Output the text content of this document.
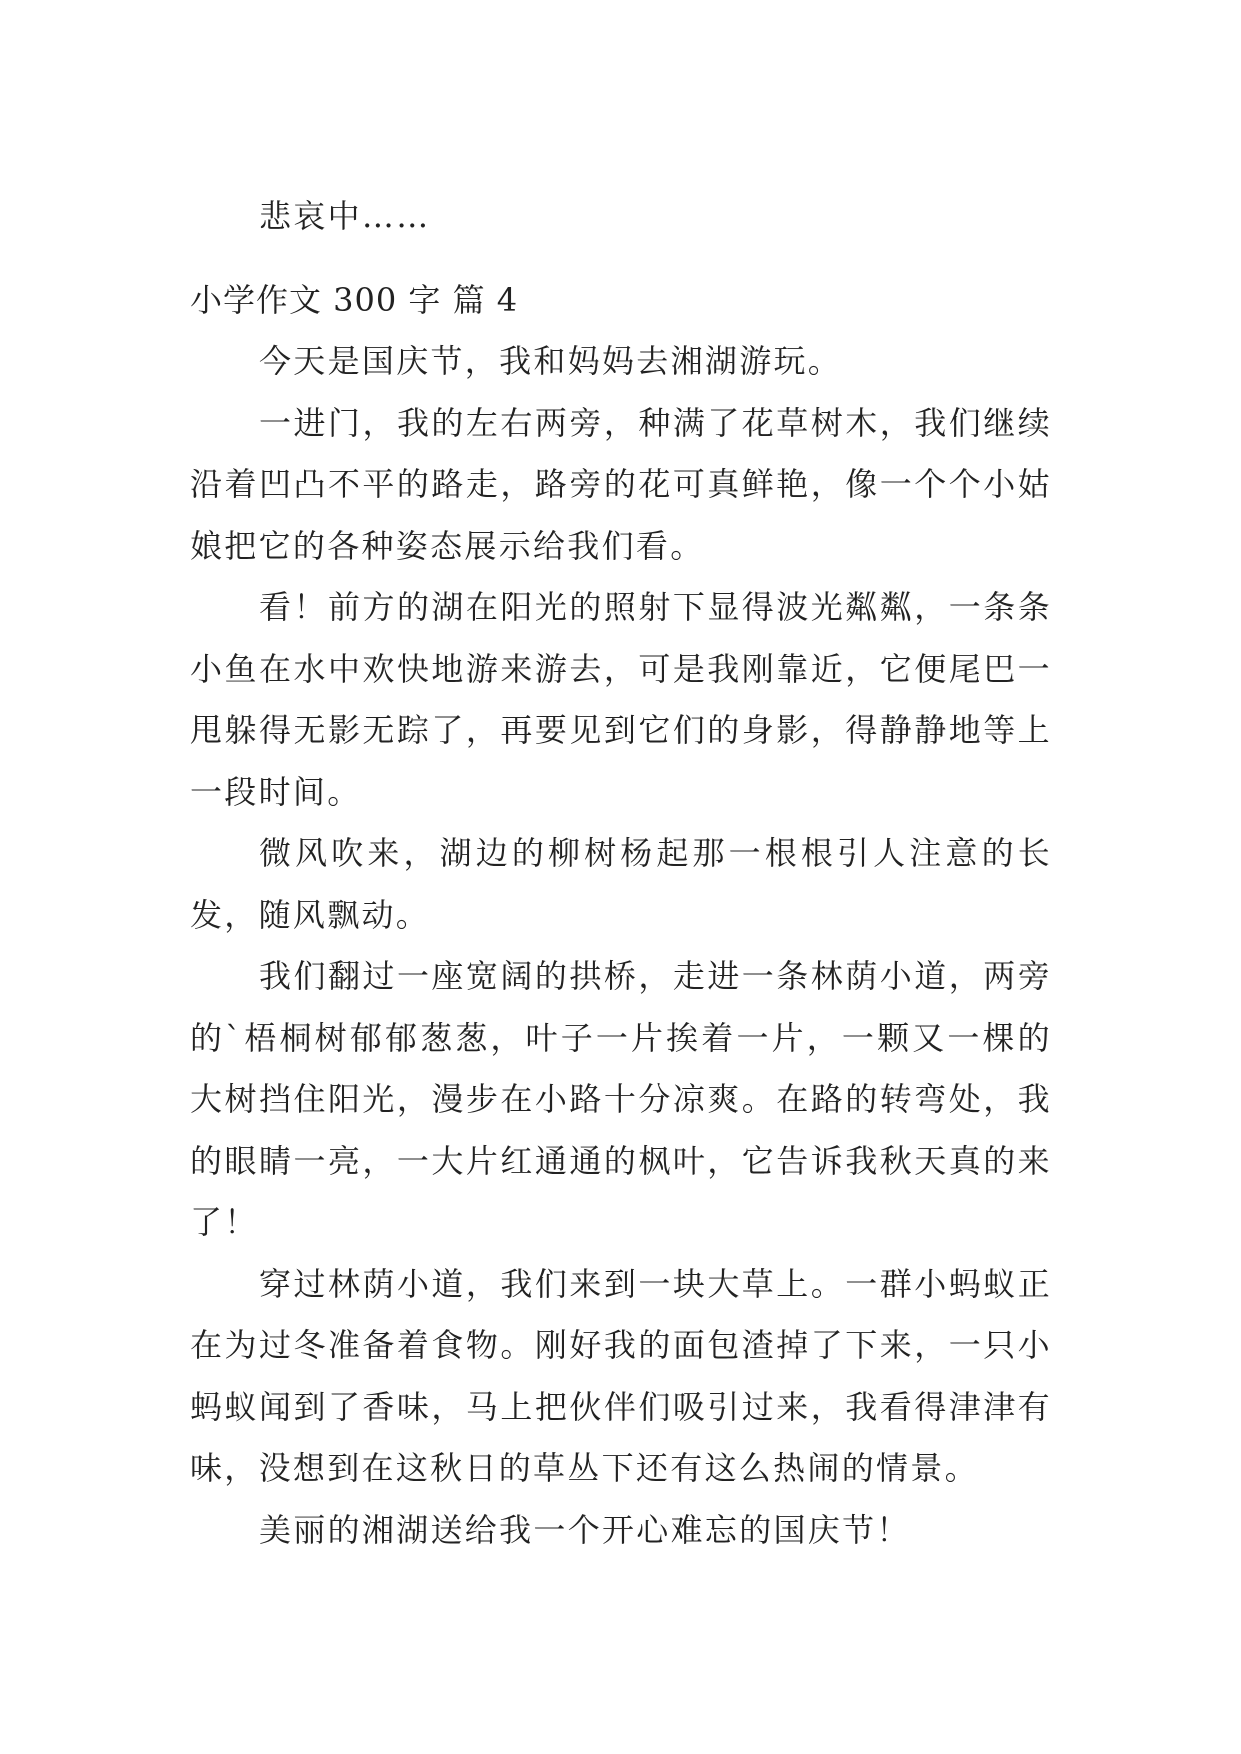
悲哀中……

小学作文 300 字 篇 4

今天是国庆节，我和妈妈去湘湖游玩。

一进门，我的左右两旁，种满了花草树木，我们继续沿着凹凸不平的路走，路旁的花可真鲜艳，像一个个小姑娘把它的各种姿态展示给我们看。

看！前方的湖在阳光的照射下显得波光粼粼，一条条小鱼在水中欢快地游来游去，可是我刚靠近，它便尾巴一甩躲得无影无踪了，再要见到它们的身影，得静静地等上一段时间。

微风吹来，湖边的柳树杨起那一根根引人注意的长发，随风飘动。

我们翻过一座宽阔的拱桥，走进一条林荫小道，两旁的`梧桐树郁郁葱葱，叶子一片挨着一片，一颗又一棵的大树挡住阳光，漫步在小路十分凉爽。在路的转弯处，我的眼睛一亮，一大片红通通的枫叶，它告诉我秋天真的来了！

穿过林荫小道，我们来到一块大草上。一群小蚂蚁正在为过冬准备着食物。刚好我的面包渣掉了下来，一只小蚂蚁闻到了香味，马上把伙伴们吸引过来，我看得津津有味，没想到在这秋日的草丛下还有这么热闹的情景。

美丽的湘湖送给我一个开心难忘的国庆节！
